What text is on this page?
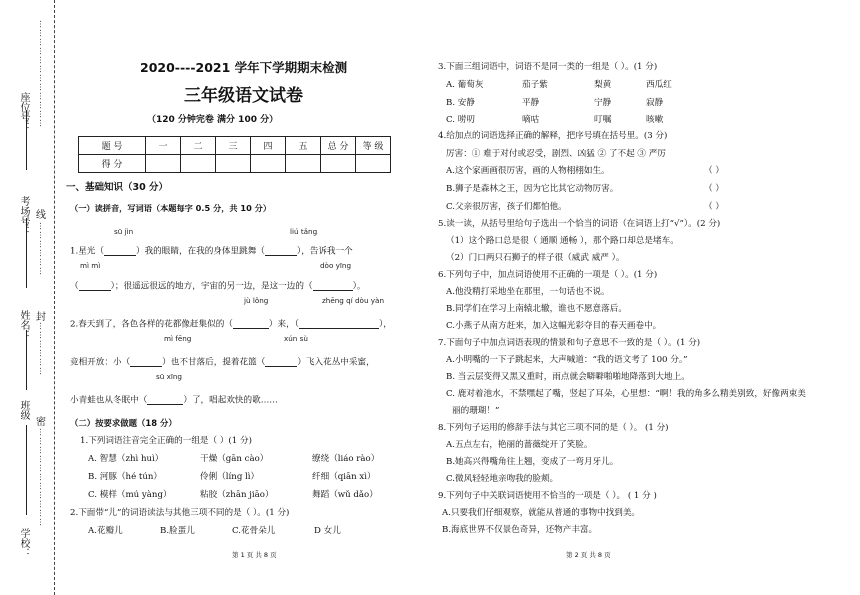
座位号：
考场号： 线
姓名： 封
班级
密
学校：
⋯⋯⋯⋯⋯⋯⋯⋯⋯⋯⋯⋯
⋯⋯⋯⋯⋯⋯
⋯⋯⋯⋯⋯⋯
⋯⋯⋯⋯⋯⋯⋯⋯⋯⋯⋯
2020----2021 学年下学期期末检测
三年级语文试卷
（120 分钟完卷 满分 100 分）
题 号	一	二	三	四	五	总 分	等 级
得 分							
一、基础知识（30 分）
（一）读拼音，写词语（本题每字 0.5 分，共 10 分）
sū jìn	liú tǎng
1.星光（	）我的眼睛，在我的身体里跳舞（	），告诉我一个
mì mì	dòo yīng
（	）；很遥远很远的地方，宇宙的另一边，是这一边的（	）。
jù lǒng	zhēng qí dòu yàn
2.春天到了，各色各样的花都像赶集似的（	）来，（	），
mì fēng	xún sù
竞相开放：小（	）也不甘落后，提着花篮（	）飞入花丛中采蜜，
sū xīng
小青蛙也从冬眠中（	）了，唱起欢快的歌……
（二）按要求做题（18 分）
1.下列词语注音完全正确的一组是（ ）(1 分)
A. 智慧（zhì huì）	干燥（gān cào）	缭绕（liáo rào）
B. 河豚（hé tún）	伶俐（líng lì）	纤细（qiān xì）
C. 模样（mú yàng）	粘胶（zhān jiāo）	舞蹈（wǔ dǎo）
2.下面带“儿”的词语读法与其他三项不同的是（ ）。(1 分)
A.花瓣儿	B.脸蛋儿	C.花骨朵儿	D 女儿
第 1 页 共 8 页
3.下面三组词语中，词语不是同一类的一组是（ ）。(1 分)
A. 葡萄灰	茄子紫	梨黄	西瓜红
B. 安静	平静	宁静	寂静
C. 唠叨	嘀咕	叮嘱	咳嗽
4.给加点的词语选择正确的解释，把序号填在括号里。(3 分)
厉害：① 难于对付或忍受，剧烈、凶猛 ② 了不起 ③ 严厉
A.这个家画画很厉害，画的人物栩栩如生。	（ ）
B.狮子是森林之王，因为它比其它动物厉害。	（ ）
C.父亲很厉害，孩子们都怕他。	（ ）
5.读一读，从括号里给句子选出一个恰当的词语（在词语上打“√”）。(2 分)
（1）这个路口总是很（ 通顺 通畅 ），那个路口却总是堵车。
（2）门口两只石狮子的样子很（威武 威严 ）。
6.下列句子中，加点词语使用不正确的一项是（ ）。(1 分)
A.他没精打采地坐在那里，一句话也不说。
B.同学们在学习上南辕北辙，谁也不愿意落后。
C.小燕子从南方赶来，加入这幅光彩夺目的春天画卷中。
7.下面句子中加点词语表现的情景和句子意思不一致的是（ ）。(1 分)
A.小明嘴的一下子跳起来，大声喊道：“我的语文考了 100 分。”
B. 当云层变得又黑又重时，雨点就会噼噼啪啪地降落到大地上。
C. 鹿对着池水，不禁嘿起了嘴，竖起了耳朵，心里想：“啊！我的角多么精美别致，好像两束美
丽的珊瑚！”
8.下列句子运用的修辞手法与其它三项不同的是（ ）。 (1 分)
A.五点左右，艳丽的蔷薇绽开了笑脸。
B.她高兴得嘴角往上翘，变成了一弯月牙儿。
C.微风轻轻地亲吻我的脸颊。
9.下列句子中关联词语使用不恰当的一项是（ ）。 ( 1 分 )
A.只要我们仔细观察，就能从普通的事物中找到美。
B.海底世界不仅景色奇异，还物产丰富。
第 2 页 共 8 页
